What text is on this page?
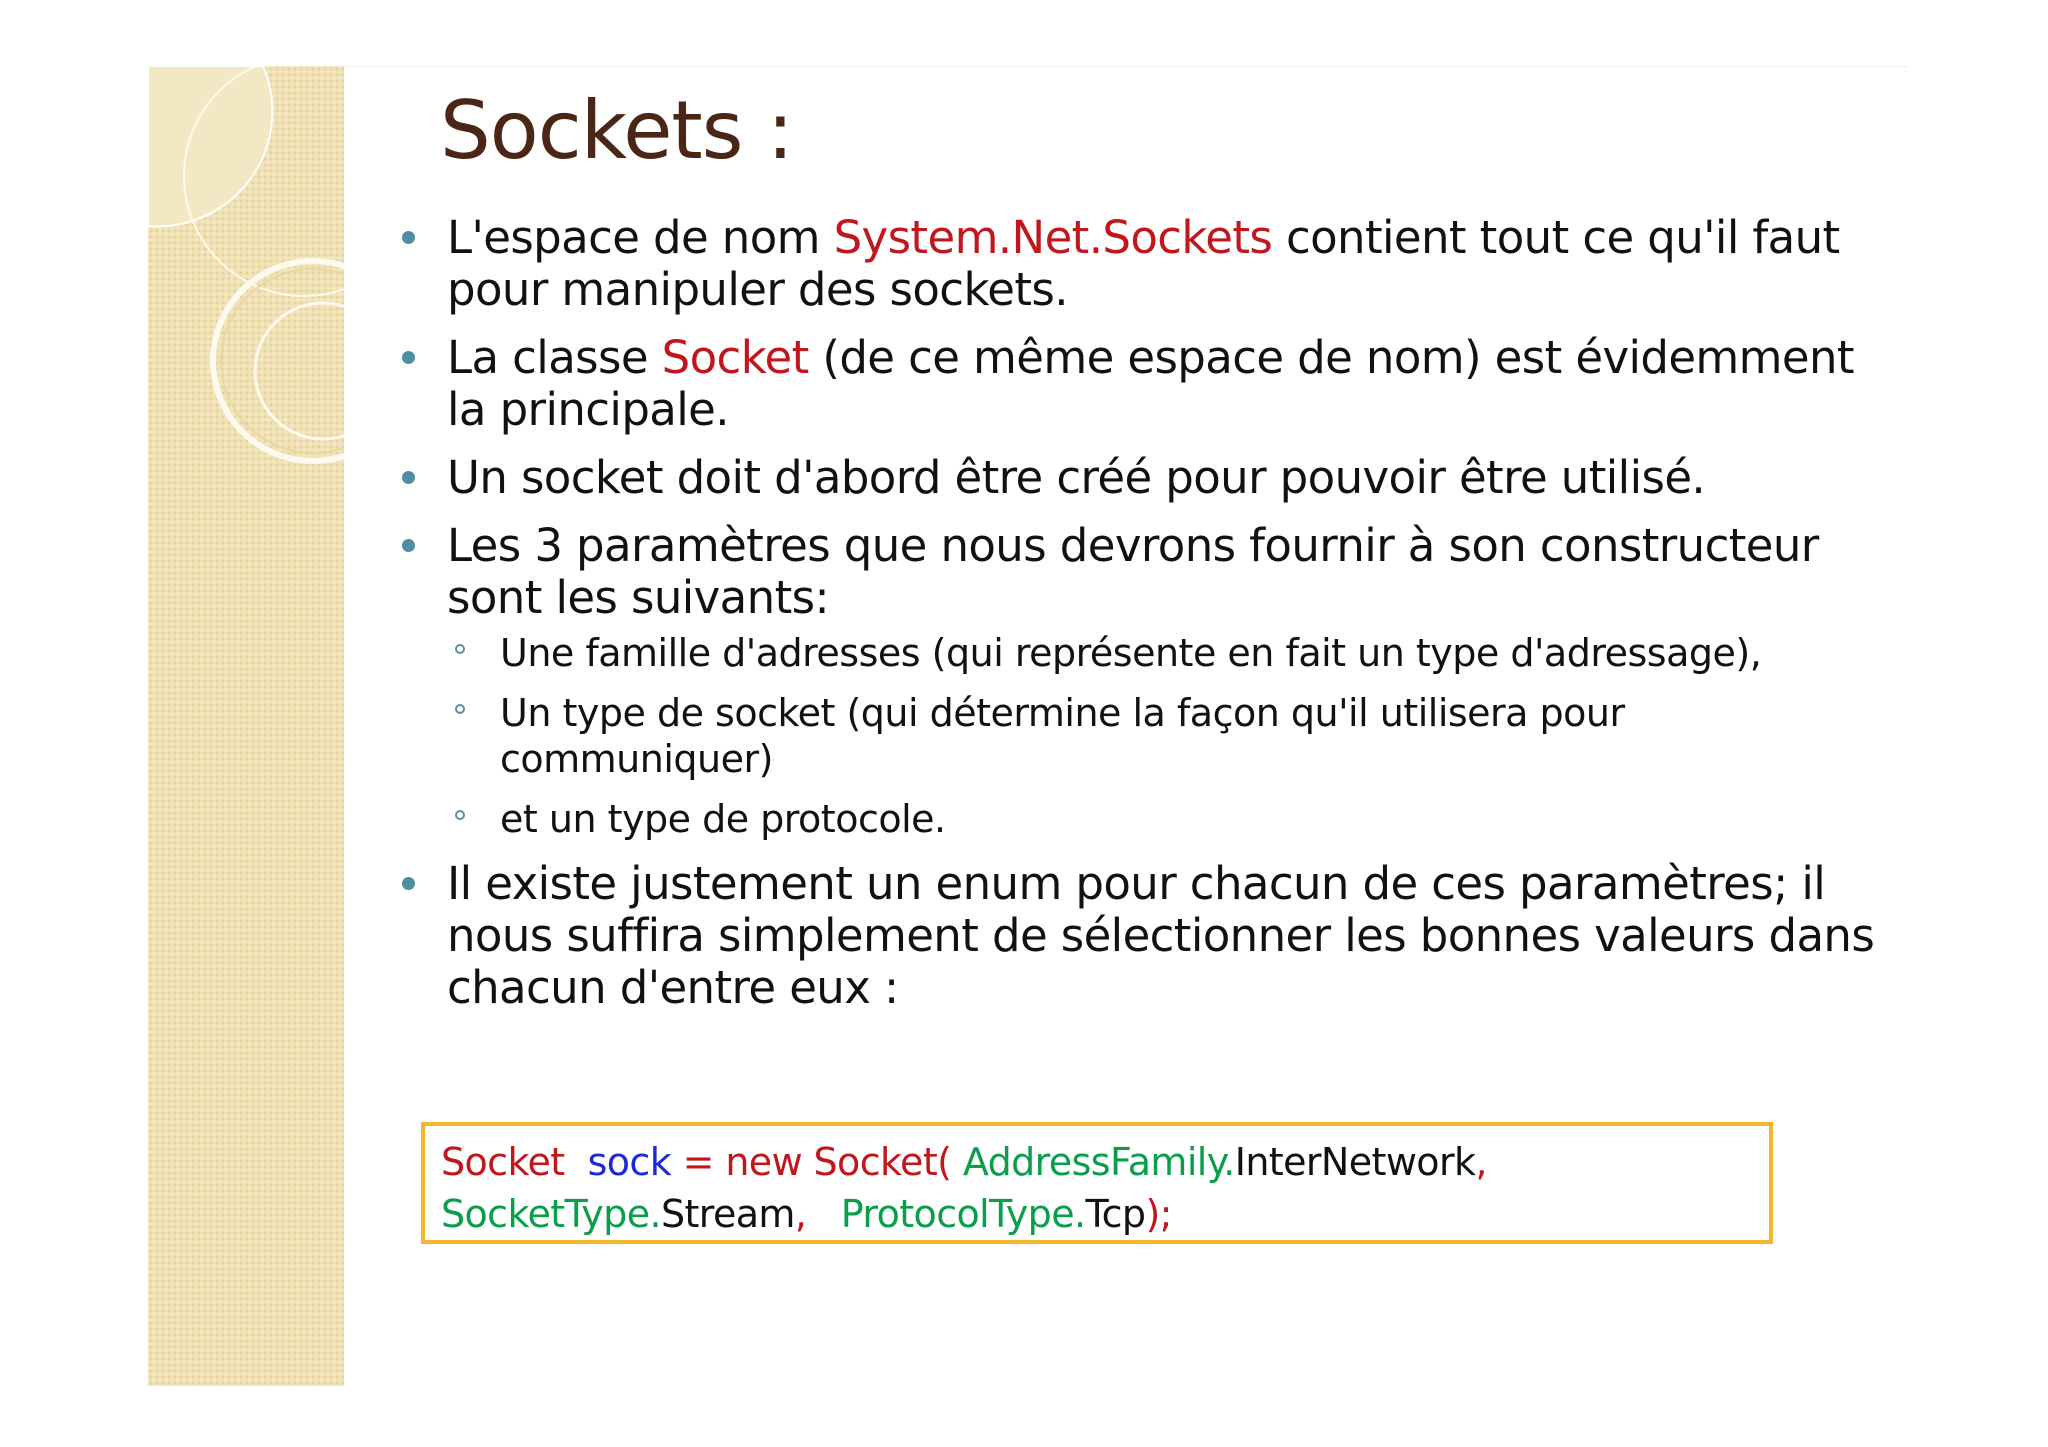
Sockets :
L'espace de nom System.Net.Sockets contient tout ce qu'il faut pour manipuler des sockets.
La classe Socket (de ce même espace de nom) est évidemment la principale.
Un socket doit d'abord être créé pour pouvoir être utilisé.
Les 3 paramètres que nous devrons fournir à son constructeur sont les suivants:
Une famille d'adresses (qui représente en fait un type d'adressage),
Un type de socket (qui détermine la façon qu'il utilisera pour communiquer)
et un type de protocole.
Il existe justement un enum pour chacun de ces paramètres; il nous suffira simplement de sélectionner les bonnes valeurs dans chacun d'entre eux :
Socket sock = new Socket( AddressFamily.InterNetwork,
SocketType.Stream, ProtocolType.Tcp);
